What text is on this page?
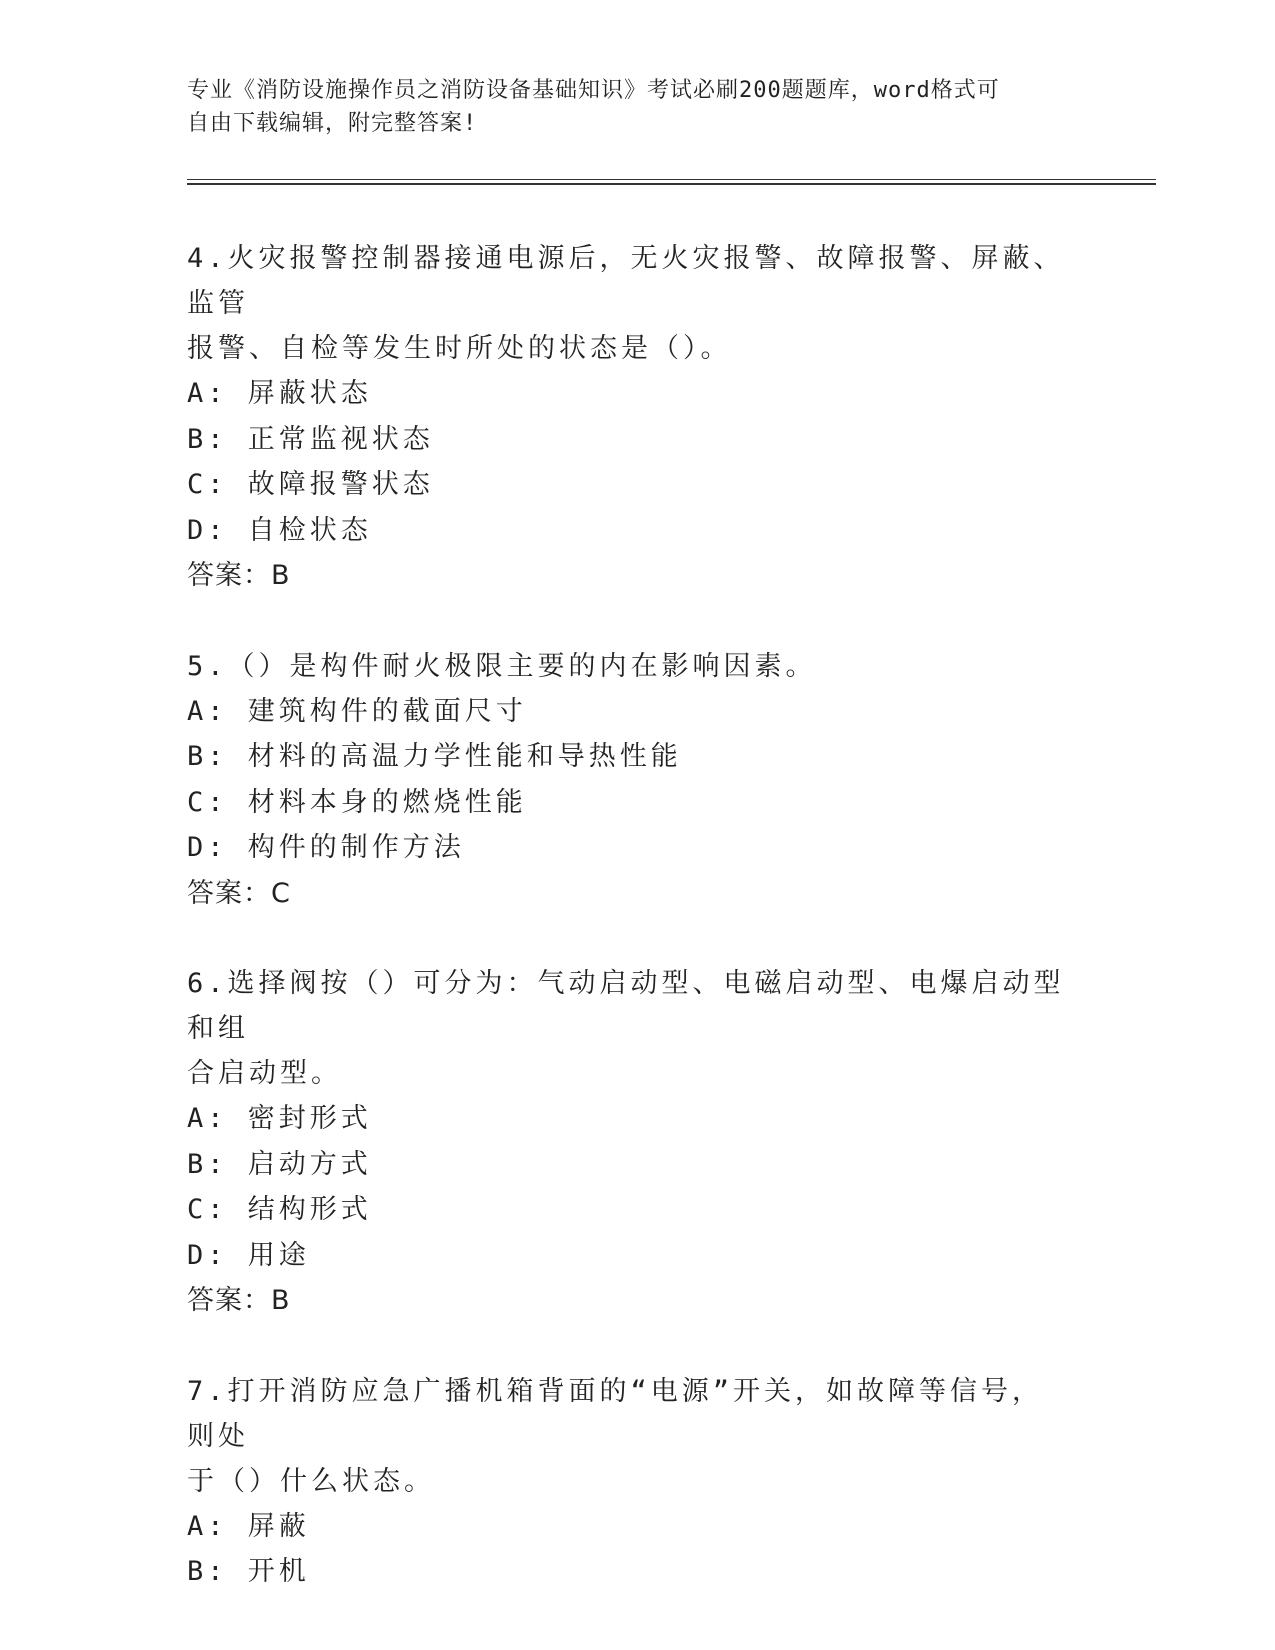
专业《消防设施操作员之消防设备基础知识》考试必刷200题题库，word格式可
自由下载编辑，附完整答案!
4.火灾报警控制器接通电源后，无火灾报警、故障报警、屏蔽、监管
报警、自检等发生时所处的状态是（）。
A: 屏蔽状态
B: 正常监视状态
C: 故障报警状态
D: 自检状态
答案：B
5.（）是构件耐火极限主要的内在影响因素。
A: 建筑构件的截面尺寸
B: 材料的高温力学性能和导热性能
C: 材料本身的燃烧性能
D: 构件的制作方法
答案：C
6.选择阀按（）可分为：气动启动型、电磁启动型、电爆启动型和组
合启动型。
A: 密封形式
B: 启动方式
C: 结构形式
D: 用途
答案：B
7.打开消防应急广播机箱背面的“电源”开关，如故障等信号，则处
于（）什么状态。
A: 屏蔽
B: 开机
